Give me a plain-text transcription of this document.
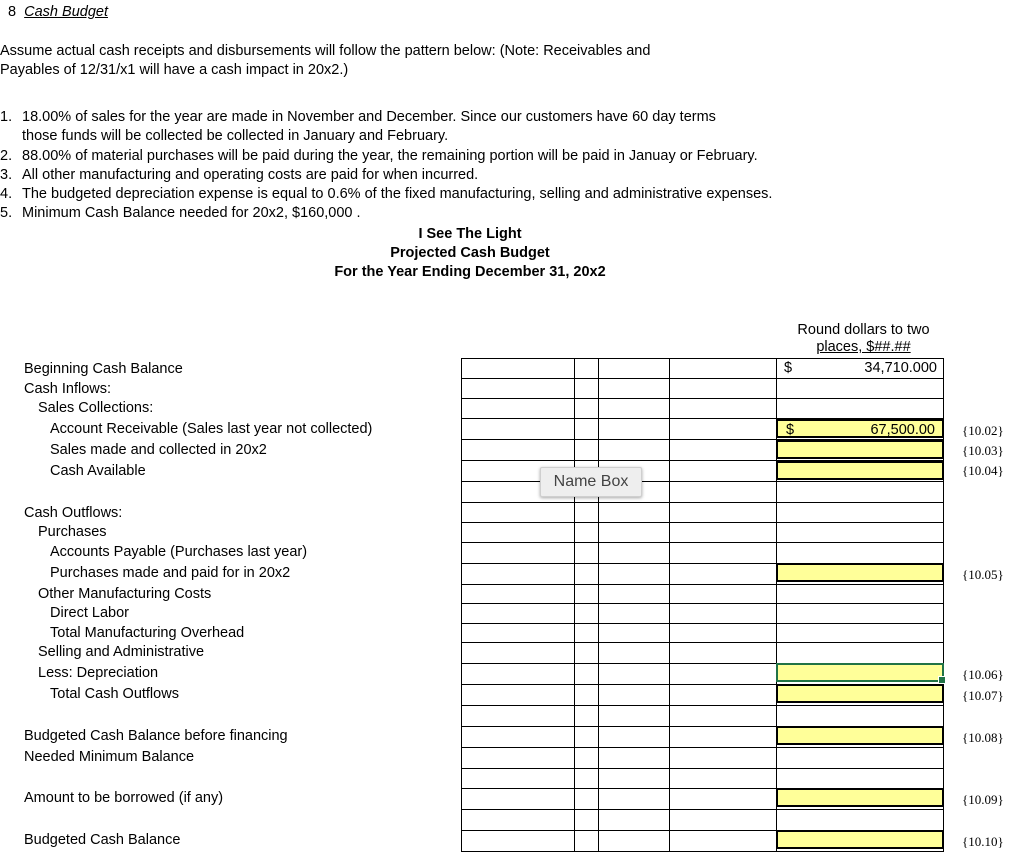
8 Cash Budget
Assume actual cash receipts and disbursements will follow the pattern below: (Note: Receivables and
Payables of 12/31/x1 will have a cash impact in 20x2.)
1. 18.00% of sales for the year are made in November and December. Since our customers have 60 day terms
those funds will be collected be collected in January and February.
2. 88.00% of material purchases will be paid during the year, the remaining portion will be paid in Januay or February.
3. All other manufacturing and operating costs are paid for when incurred.
4. The budgeted depreciation expense is equal to 0.6% of the fixed manufacturing, selling and administrative expenses.
5. Minimum Cash Balance needed for 20x2, $160,000 .
I See The Light
Projected Cash Budget
For the Year Ending December 31, 20x2
Round dollars to two
places, $##.##
Beginning Cash Balance
Cash Inflows:
Sales Collections:
Account Receivable (Sales last year not collected)
Sales made and collected in 20x2
Cash Available
Cash Outflows:
Purchases
Accounts Payable (Purchases last year)
Purchases made and paid for in 20x2
Other Manufacturing Costs
Direct Labor
Total Manufacturing Overhead
Selling and Administrative
Less: Depreciation
Total Cash Outflows
Budgeted Cash Balance before financing
Needed Minimum Balance
Amount to be borrowed (if any)
Budgeted Cash Balance
$	34,710.000
$	67,500.00 {10.02}
{10.03}
{10.04}
{10.05}
{10.06}
{10.07}
{10.08}
{10.09}
{10.10}
Name Box
